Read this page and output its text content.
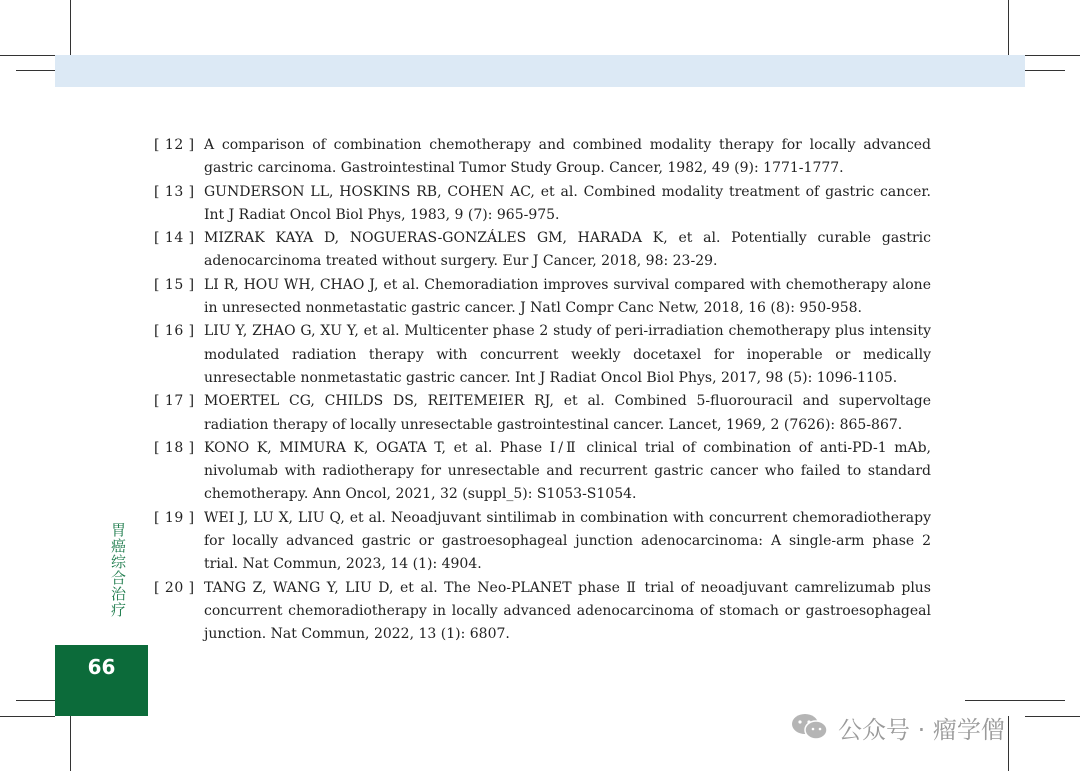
[ 12 ] A comparison of combination chemotherapy and combined modality therapy for locally advanced gastric carcinoma. Gastrointestinal Tumor Study Group. Cancer, 1982, 49 (9): 1771-1777.
[ 13 ] GUNDERSON LL, HOSKINS RB, COHEN AC, et al. Combined modality treatment of gastric cancer. Int J Radiat Oncol Biol Phys, 1983, 9 (7): 965-975.
[ 14 ] MIZRAK KAYA D, NOGUERAS-GONZÁLES GM, HARADA K, et al. Potentially curable gastric adenocarcinoma treated without surgery. Eur J Cancer, 2018, 98: 23-29.
[ 15 ] LI R, HOU WH, CHAO J, et al. Chemoradiation improves survival compared with chemotherapy alone in unresected nonmetastatic gastric cancer. J Natl Compr Canc Netw, 2018, 16 (8): 950-958.
[ 16 ] LIU Y, ZHAO G, XU Y, et al. Multicenter phase 2 study of peri-irradiation chemotherapy plus intensity modulated radiation therapy with concurrent weekly docetaxel for inoperable or medically unresectable nonmetastatic gastric cancer. Int J Radiat Oncol Biol Phys, 2017, 98 (5): 1096-1105.
[ 17 ] MOERTEL CG, CHILDS DS, REITEMEIER RJ, et al. Combined 5-fluorouracil and supervoltage radiation therapy of locally unresectable gastrointestinal cancer. Lancet, 1969, 2 (7626): 865-867.
[ 18 ] KONO K, MIMURA K, OGATA T, et al. Phase Ⅰ/Ⅱ clinical trial of combination of anti-PD-1 mAb, nivolumab with radiotherapy for unresectable and recurrent gastric cancer who failed to standard chemotherapy. Ann Oncol, 2021, 32 (suppl_5): S1053-S1054.
[ 19 ] WEI J, LU X, LIU Q, et al. Neoadjuvant sintilimab in combination with concurrent chemoradiotherapy for locally advanced gastric or gastroesophageal junction adenocarcinoma: A single-arm phase 2 trial. Nat Commun, 2023, 14 (1): 4904.
[ 20 ] TANG Z, WANG Y, LIU D, et al. The Neo-PLANET phase Ⅱ trial of neoadjuvant camrelizumab plus concurrent chemoradiotherapy in locally advanced adenocarcinoma of stomach or gastroesophageal junction. Nat Commun, 2022, 13 (1): 6807.
胃癌综合治疗
66
公众号 · 瘤学僧
